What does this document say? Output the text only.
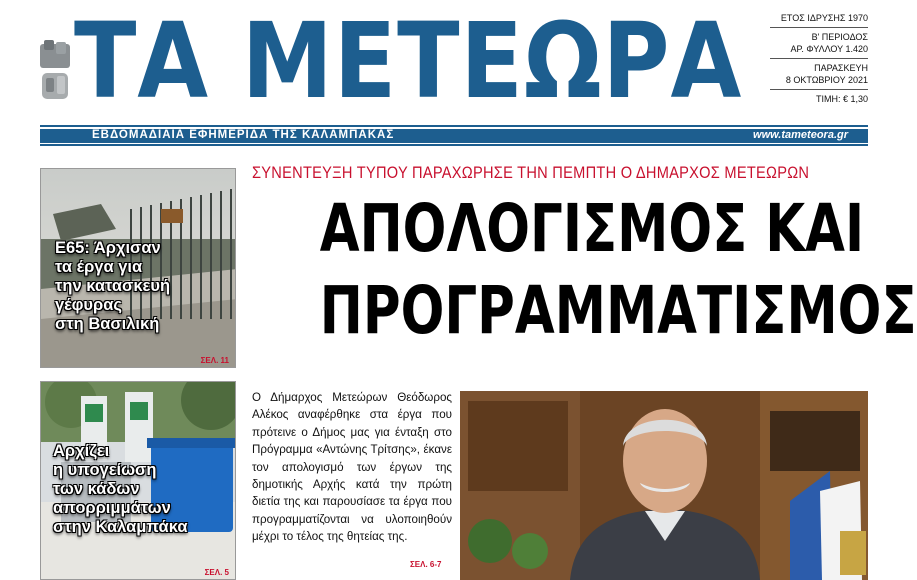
ΤΑ ΜΕΤΕΩΡΑ	ΕΤΟΣ ΙΔΡΥΣΗΣ 1970
Β' ΠΕΡΙΟΔΟΣ
ΑΡ. ΦΥΛΛΟΥ 1.420
ΠΑΡΑΣΚΕΥΗ
8 ΟΚΤΩΒΡΙΟΥ 2021
ΤΙΜΗ: € 1,30
ΕΒΔΟΜΑΔΙΑΙΑ ΕΦΗΜΕΡΙΔΑ ΤΗΣ ΚΑΛΑΜΠΑΚΑΣ	www.tameteora.gr
Ε65: Άρχισαν
τα έργα για
την κατασκευή
γέφυρας
στη Βασιλική
ΣΕΛ. 11
Αρχίζει
η υπογείωση
των κάδων
απορριμμάτων
στην Καλαμπάκα
ΣΕΛ. 5
ΣΥΝΕΝΤΕΥΞΗ ΤΥΠΟΥ ΠΑΡΑΧΩΡΗΣΕ ΤΗΝ ΠΕΜΠΤΗ Ο ΔΗΜΑΡΧΟΣ ΜΕΤΕΩΡΩΝ
ΑΠΟΛΟΓΙΣΜΟΣ ΚΑΙ
ΠΡΟΓΡΑΜΜΑΤΙΣΜΟΣ
Ο Δήμαρχος Μετεώρων Θεόδωρος Αλέκος αναφέρθηκε στα έργα που πρότεινε ο Δήμος μας για ένταξη στο Πρόγραμμα «Αντώνης Τρίτσης», έκανε τον απολογισμό των έργων της δημοτικής Αρχής κατά την πρώτη διετία της και παρουσίασε τα έργα που προγραμματίζονται να υλοποιηθούν μέχρι το τέλος της θητείας της.
ΣΕΛ. 6-7
